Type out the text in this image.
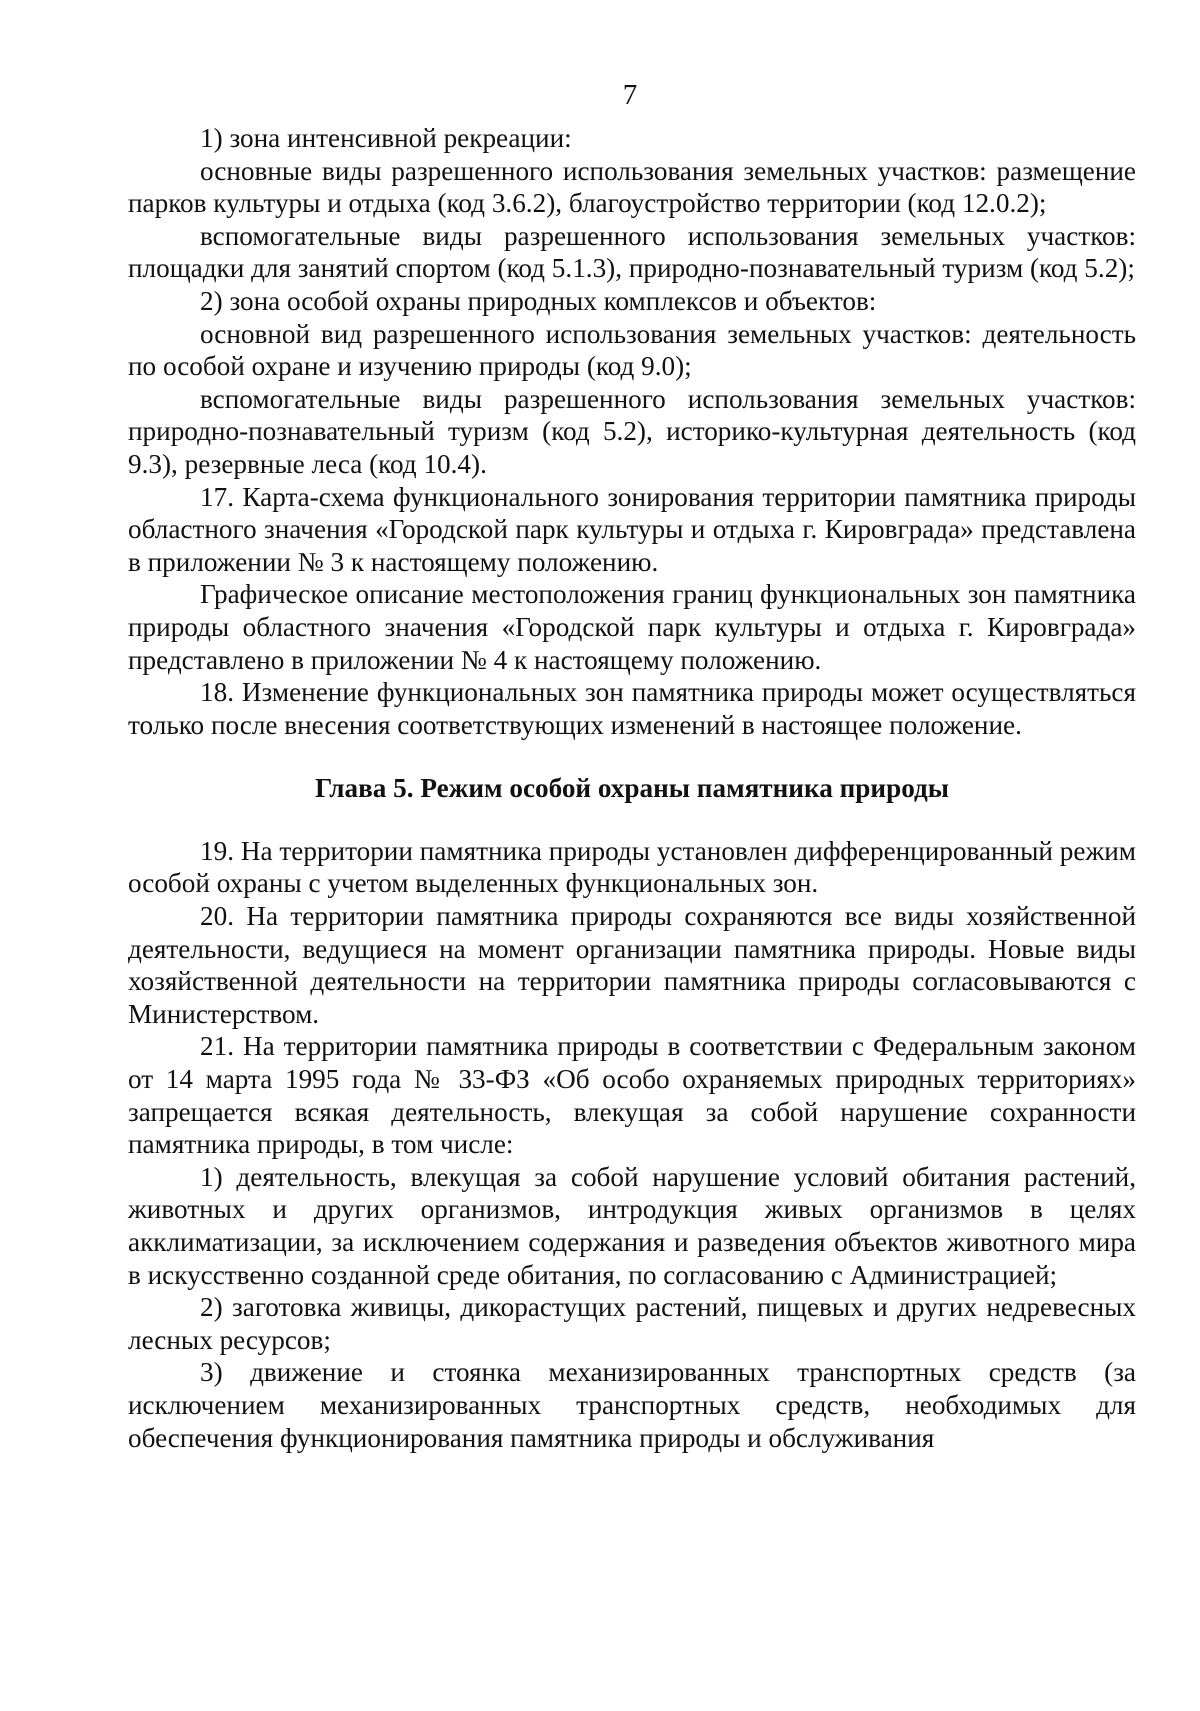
7

1) зона интенсивной рекреации:

основные виды разрешенного использования земельных участков: размещение парков культуры и отдыха (код 3.6.2), благоустройство территории (код 12.0.2);

вспомогательные виды разрешенного использования земельных участков: площадки для занятий спортом (код 5.1.3), природно-познавательный туризм (код 5.2);

2) зона особой охраны природных комплексов и объектов:

основной вид разрешенного использования земельных участков: деятельность по особой охране и изучению природы (код 9.0);

вспомогательные виды разрешенного использования земельных участков: природно-познавательный туризм (код 5.2), историко-культурная деятельность (код 9.3), резервные леса (код 10.4).

17. Карта-схема функционального зонирования территории памятника природы областного значения «Городской парк культуры и отдыха г. Кировграда» представлена в приложении № 3 к настоящему положению.

Графическое описание местоположения границ функциональных зон памятника природы областного значения «Городской парк культуры и отдыха г. Кировграда» представлено в приложении № 4 к настоящему положению.

18. Изменение функциональных зон памятника природы может осуществляться только после внесения соответствующих изменений в настоящее положение.

Глава 5. Режим особой охраны памятника природы

19. На территории памятника природы установлен дифференцированный режим особой охраны с учетом выделенных функциональных зон.

20. На территории памятника природы сохраняются все виды хозяйственной деятельности, ведущиеся на момент организации памятника природы. Новые виды хозяйственной деятельности на территории памятника природы согласовываются с Министерством.

21. На территории памятника природы в соответствии с Федеральным законом от 14 марта 1995 года № 33-ФЗ «Об особо охраняемых природных территориях» запрещается всякая деятельность, влекущая за собой нарушение сохранности памятника природы, в том числе:

1) деятельность, влекущая за собой нарушение условий обитания растений, животных и других организмов, интродукция живых организмов в целях акклиматизации, за исключением содержания и разведения объектов животного мира в искусственно созданной среде обитания, по согласованию с Администрацией;

2) заготовка живицы, дикорастущих растений, пищевых и других недревесных лесных ресурсов;

3) движение и стоянка механизированных транспортных средств (за исключением механизированных транспортных средств, необходимых для обеспечения функционирования памятника природы и обслуживания
